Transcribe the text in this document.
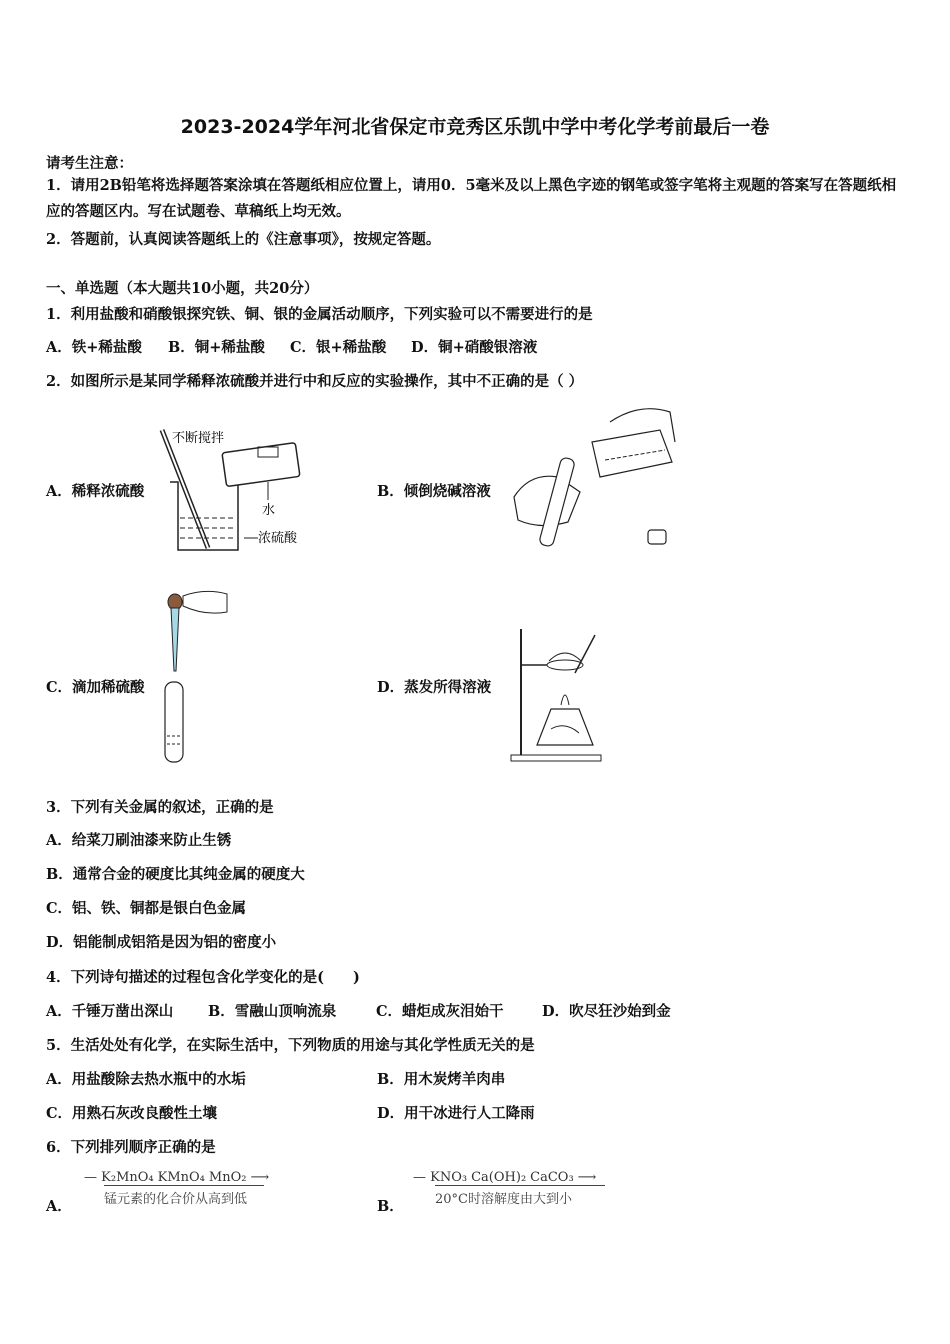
2023-2024学年河北省保定市竞秀区乐凯中学中考化学考前最后一卷
请考生注意：
1．请用2B铅笔将选择题答案涂填在答题纸相应位置上，请用0．5毫米及以上黑色字迹的钢笔或签字笔将主观题的答案写在答题纸相应的答题区内。写在试题卷、草稿纸上均无效。
2．答题前，认真阅读答题纸上的《注意事项》，按规定答题。
一、单选题（本大题共10小题，共20分）
1．利用盐酸和硝酸银探究铁、铜、银的金属活动顺序，下列实验可以不需要进行的是
A．铁+稀盐酸 B．铜+稀盐酸 C．银+稀盐酸 D．铜+硝酸银溶液
2．如图所示是某同学稀释浓硫酸并进行中和反应的实验操作，其中不正确的是（ ）
A．稀释浓硫酸	B．倾倒烧碱溶液
C．滴加稀硫酸	D．蒸发所得溶液
不断搅拌
水
浓硫酸
3．下列有关金属的叙述，正确的是
A．给菜刀刷油漆来防止生锈
B．通常合金的硬度比其纯金属的硬度大
C．铝、铁、铜都是银白色金属
D．铝能制成铝箔是因为铝的密度小
4．下列诗句描述的过程包含化学变化的是(　　)
A．千锤万凿出深山 B．雪融山顶响流泉	C．蜡炬成灰泪始干	D．吹尽狂沙始到金
5．生活处处有化学，在实际生活中，下列物质的用途与其化学性质无关的是
A．用盐酸除去热水瓶中的水垢	B．用木炭烤羊肉串
C．用熟石灰改良酸性土壤	D．用干冰进行人工降雨
6．下列排列顺序正确的是
A．	B．
— K₂MnO₄ KMnO₄ MnO₂ ⟶
锰元素的化合价从高到低
— KNO₃ Ca(OH)₂ CaCO₃ ⟶
20°C时溶解度由大到小
